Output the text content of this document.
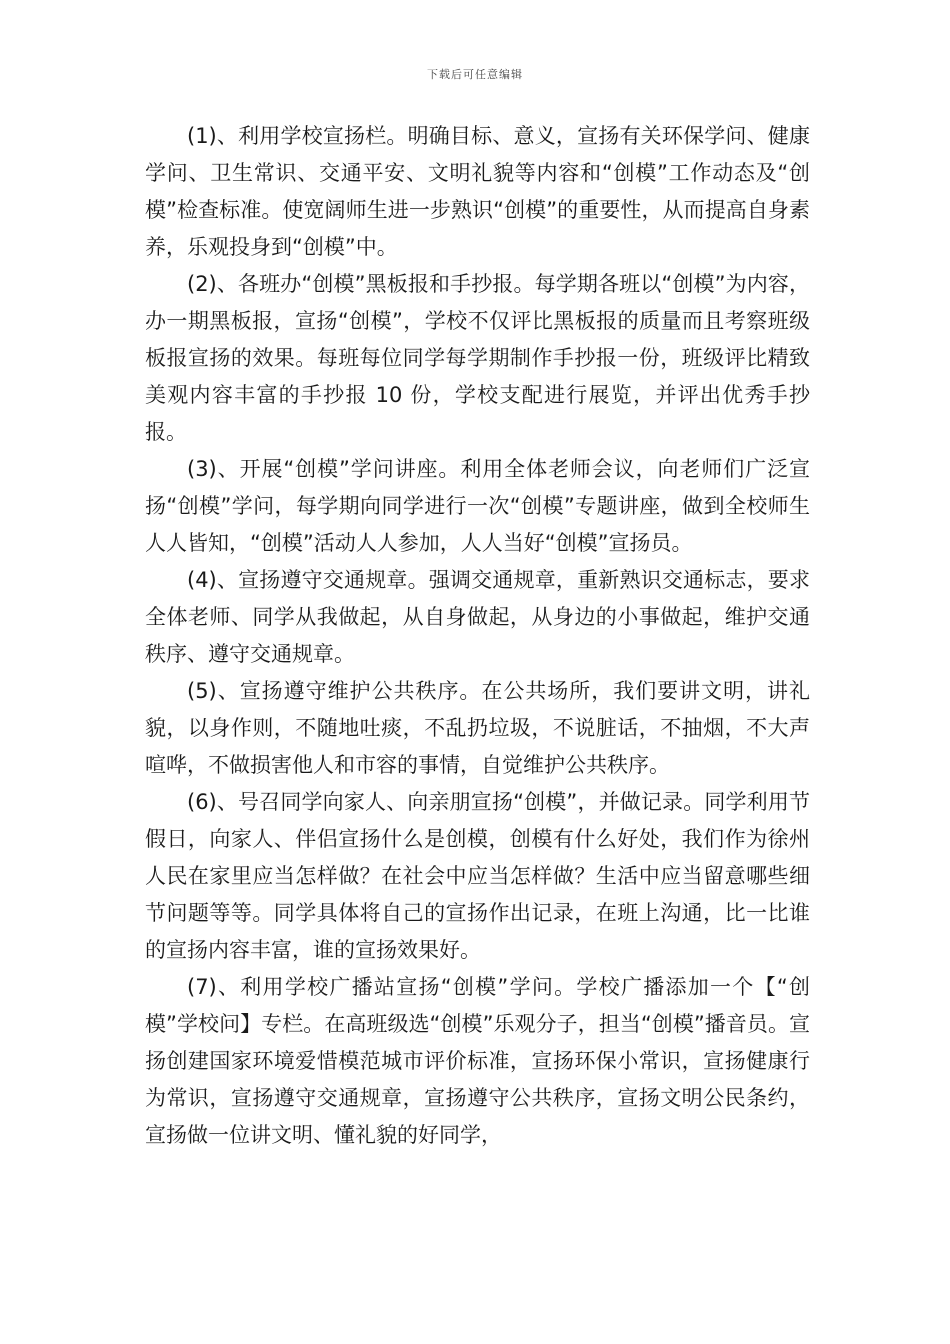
下载后可任意编辑

(1)、利用学校宣扬栏。明确目标、意义，宣扬有关环保学问、健康学问、卫生常识、交通平安、文明礼貌等内容和“创模”工作动态及“创模”检查标准。使宽阔师生进一步熟识“创模”的重要性，从而提高自身素养，乐观投身到“创模”中。

(2)、各班办“创模”黑板报和手抄报。每学期各班以“创模”为内容，办一期黑板报，宣扬“创模”，学校不仅评比黑板报的质量而且考察班级板报宣扬的效果。每班每位同学每学期制作手抄报一份，班级评比精致美观内容丰富的手抄报 10 份，学校支配进行展览，并评出优秀手抄报。

(3)、开展“创模”学问讲座。利用全体老师会议，向老师们广泛宣扬“创模”学问，每学期向同学进行一次“创模”专题讲座，做到全校师生人人皆知，“创模”活动人人参加，人人当好“创模”宣扬员。

(4)、宣扬遵守交通规章。强调交通规章，重新熟识交通标志，要求全体老师、同学从我做起，从自身做起，从身边的小事做起，维护交通秩序、遵守交通规章。

(5)、宣扬遵守维护公共秩序。在公共场所，我们要讲文明，讲礼貌，以身作则，不随地吐痰，不乱扔垃圾，不说脏话，不抽烟，不大声喧哗，不做损害他人和市容的事情，自觉维护公共秩序。

(6)、号召同学向家人、向亲朋宣扬“创模”，并做记录。同学利用节假日，向家人、伴侣宣扬什么是创模，创模有什么好处，我们作为徐州人民在家里应当怎样做？在社会中应当怎样做？生活中应当留意哪些细节问题等等。同学具体将自己的宣扬作出记录，在班上沟通，比一比谁的宣扬内容丰富，谁的宣扬效果好。

(7)、利用学校广播站宣扬“创模”学问。学校广播添加一个【“创模”学校问】专栏。在高班级选“创模”乐观分子，担当“创模”播音员。宣扬创建国家环境爱惜模范城市评价标准，宣扬环保小常识，宣扬健康行为常识，宣扬遵守交通规章，宣扬遵守公共秩序，宣扬文明公民条约，宣扬做一位讲文明、懂礼貌的好同学，
